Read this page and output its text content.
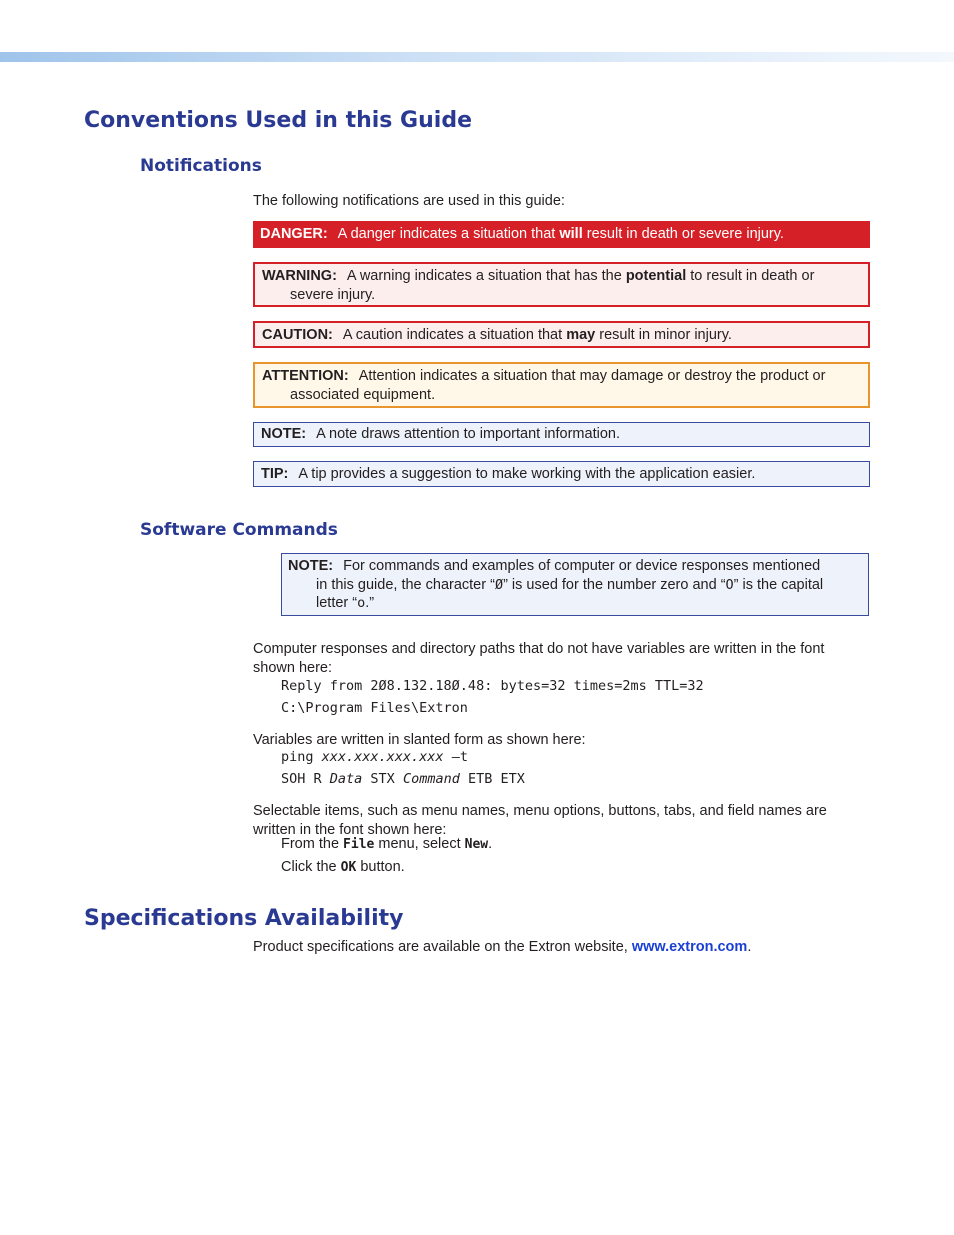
Conventions Used in this Guide
Notifications

The following notifications are used in this guide:

DANGER: A danger indicates a situation that will result in death or severe injury.
WARNING: A warning indicates a situation that has the potential to result in death or
severe injury.
CAUTION: A caution indicates a situation that may result in minor injury.
ATTENTION: Attention indicates a situation that may damage or destroy the product or
associated equipment.
NOTE: A note draws attention to important information.
TIP: A tip provides a suggestion to make working with the application easier.
Software Commands
NOTE: For commands and examples of computer or device responses mentioned
in this guide, the character “Ø” is used for the number zero and “O” is the capital
letter “o.”

Computer responses and directory paths that do not have variables are written in the font shown here:

Reply from 2Ø8.132.18Ø.48: bytes=32 times=2ms TTL=32

C:\Program Files\Extron

Variables are written in slanted form as shown here:

ping xxx.xxx.xxx.xxx —t

SOH R Data STX Command ETB ETX

Selectable items, such as menu names, menu options, buttons, tabs, and field names are written in the font shown here:

From the File menu, select New.

Click the OK button.

Specifications Availability

Product specifications are available on the Extron website, www.extron.com.
